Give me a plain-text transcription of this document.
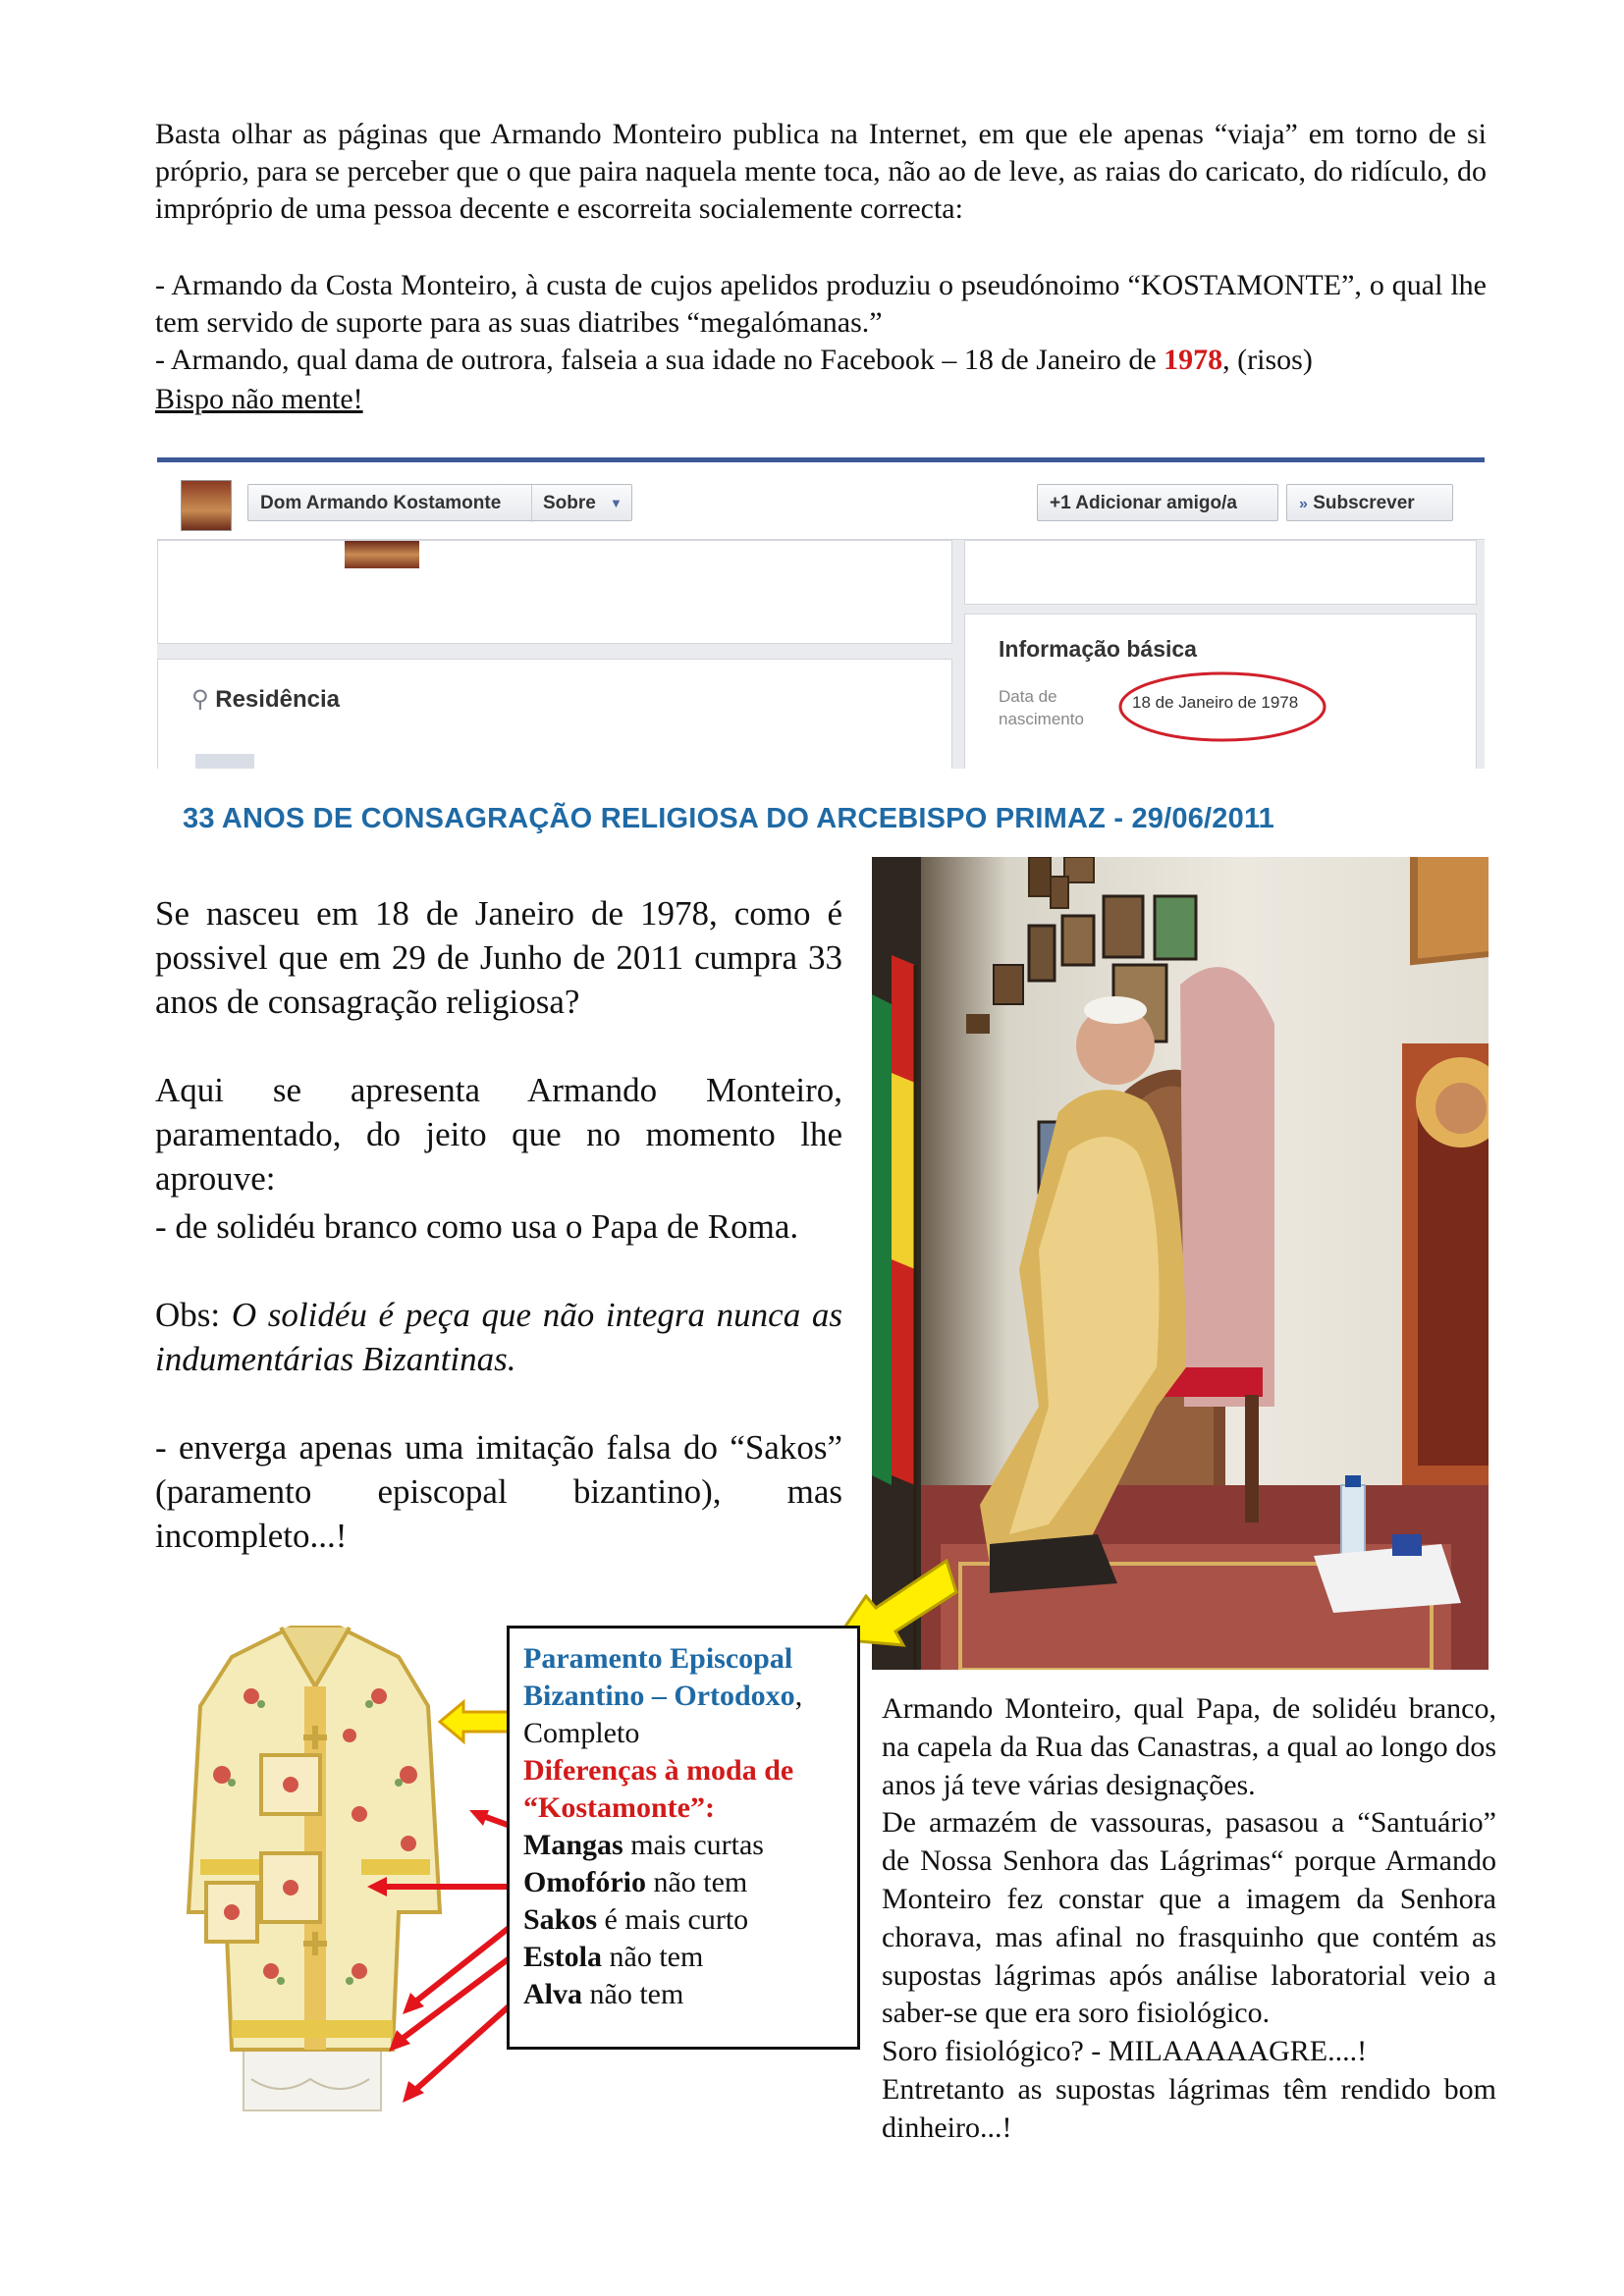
Basta olhar as páginas que Armando Monteiro publica na Internet, em que ele apenas “viaja” em torno de si próprio, para se perceber que o que paira naquela mente toca, não ao de leve, as raias do caricato, do ridículo, do impróprio de uma pessoa decente e escorreita socialemente correcta:
- Armando da Costa Monteiro, à custa de cujos apelidos produziu o pseudónoimo “KOSTAMONTE”, o qual lhe tem servido de suporte para as suas diatribes “megalómanas.”
- Armando, qual dama de outrora, falseia a sua idade no Facebook – 18 de Janeiro de 1978, (risos)
Bispo não mente!
Dom Armando Kostamonte Sobre ▼	+1 Adicionar amigo/a	» Subscrever
⚲ Residência
Informação básica
Data de
nascimento
18 de Janeiro de 1978
33 ANOS DE CONSAGRAÇÃO RELIGIOSA DO ARCEBISPO PRIMAZ - 29/06/2011
Se nasceu em 18 de Janeiro de 1978, como é possivel que em 29 de Junho de 2011 cumpra 33 anos de consagração religiosa?
Aqui se apresenta Armando Monteiro, paramentado, do jeito que no momento lhe aprouve:
- de solidéu branco como usa o Papa de Roma.
Obs: O solidéu é peça que não integra nunca as indumentárias Bizantinas.
- enverga apenas uma imitação falsa do “Sakos” (paramento episcopal bizantino), mas incompleto...!
Paramento Episcopal
Bizantino – Ortodoxo,
Completo
Diferenças à moda de
“Kostamonte”:
Mangas mais curtas
Omofório não tem
Sakos é mais curto
Estola não tem
Alva não tem
Armando Monteiro, qual Papa, de solidéu branco, na capela da Rua das Canastras, a qual ao longo dos anos já teve várias designações.
De armazém de vassouras, pasasou a “Santuário” de Nossa Senhora das Lágrimas“ porque Armando Monteiro fez constar que a imagem da Senhora chorava, mas afinal no frasquinho que contém as supostas lágrimas após análise laboratorial veio a saber-se que era soro fisiológico.
Soro fisiológico? - MILAAAAAGRE....!
Entretanto as supostas lágrimas têm rendido bom dinheiro...!
